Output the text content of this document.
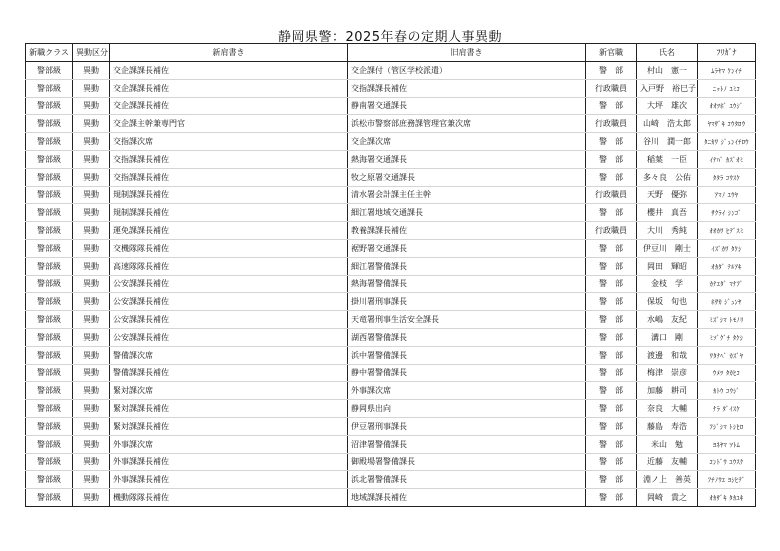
静岡県警：2025年春の定期人事異動
新職クラス	異動区分	新肩書き	旧肩書き	新官職	氏名	ﾌﾘｶﾞﾅ
警部級	異動	交企課課長補佐	交企課付（管区学校派遣）	警　部	村山　憲一	ﾑﾗﾔﾏ ｹﾝｲﾁ
警部級	異動	交企課課長補佐	交指課課長補佐	行政職員	入戸野　裕巳子	ﾆｯﾄﾉ ﾕﾐｺ
警部級	異動	交企課課長補佐	静南署交通課長	警　部	大坪　雄次	ｵｵﾂﾎﾞ ﾕｳｼﾞ
警部級	異動	交企課主幹兼専門官	浜松市警察部庶務課管理官兼次席	行政職員	山崎　浩太郎	ﾔﾏｻﾞｷ ｺｳﾀﾛｳ
警部級	異動	交指課次席	交企課次席	警　部	谷川　潤一郎	ﾀﾆｶﾜ ｼﾞｭﾝｲﾁﾛｳ
警部級	異動	交指課課長補佐	熱海署交通課長	警　部	稲葉　一臣	ｲﾅﾊﾞ ｶｽﾞｵﾐ
警部級	異動	交指課課長補佐	牧之原署交通課長	警　部	多々良　公佑	ﾀﾀﾗ ｺｳｽｹ
警部級	異動	規制課課長補佐	清水署会計課主任主幹	行政職員	天野　優弥	ｱﾏﾉ ﾕｳﾔ
警部級	異動	規制課課長補佐	細江署地域交通課長	警　部	櫻井　真吾	ｻｸﾗｲ ｼﾝｺﾞ
警部級	異動	運免課課長補佐	教養課課長補佐	行政職員	大川　秀純	ｵｵｶﾜ ﾋﾃﾞｽﾐ
警部級	異動	交機隊隊長補佐	裾野署交通課長	警　部	伊豆川　剛士	ｲｽﾞｶﾜ ﾀｹｼ
警部級	異動	高速隊隊長補佐	細江署警備課長	警　部	岡田　輝昭	ｵｶﾀﾞ ﾃﾙｱｷ
警部級	異動	公安課課長補佐	熱海署警備課長	警　部	金枝　学	ｶﾅｴﾀﾞ ﾏﾅﾌﾞ
警部級	異動	公安課課長補佐	掛川署刑事課長	警　部	保坂　旬也	ﾎｻｶ ｼﾞｭﾝﾔ
警部級	異動	公安課課長補佐	天竜署刑事生活安全課長	警　部	水嶋　友紀	ﾐｽﾞｼﾏ ﾄﾓﾉﾘ
警部級	異動	公安課課長補佐	湖西署警備課長	警　部	溝口　剛	ﾐｿﾞｸﾞﾁ ﾀｹｼ
警部級	異動	警備課次席	浜中署警備課長	警　部	渡邊　和哉	ﾜﾀﾅﾍﾞ ｶｽﾞﾔ
警部級	異動	警備課課長補佐	静中署警備課長	警　部	梅津　崇彦	ｳﾒﾂ ﾀｶﾋｺ
警部級	異動	緊対課次席	外事課次席	警　部	加藤　耕司	ｶﾄｳ ｺｳｼﾞ
警部級	異動	緊対課課長補佐	静岡県出向	警　部	奈良　大輔	ﾅﾗ ﾀﾞｲｽｹ
警部級	異動	緊対課課長補佐	伊豆署刑事課長	警　部	藤島　寿浩	ﾌｼﾞｼﾏ ﾄｼﾋﾛ
警部級	異動	外事課次席	沼津署警備課長	警　部	米山　勉	ﾖﾈﾔﾏ ﾂﾄﾑ
警部級	異動	外事課課長補佐	御殿場署警備課長	警　部	近藤　友輔	ｺﾝﾄﾞｳ ﾕｳｽｹ
警部級	異動	外事課課長補佐	浜北署警備課長	警　部	淵ノ上　善英	ﾌﾁﾉｳｴ ﾖｼﾋﾃﾞ
警部級	異動	機動隊隊長補佐	地域課課長補佐	警　部	岡崎　貴之	ｵｶｻﾞｷ ﾀｶﾕｷ
